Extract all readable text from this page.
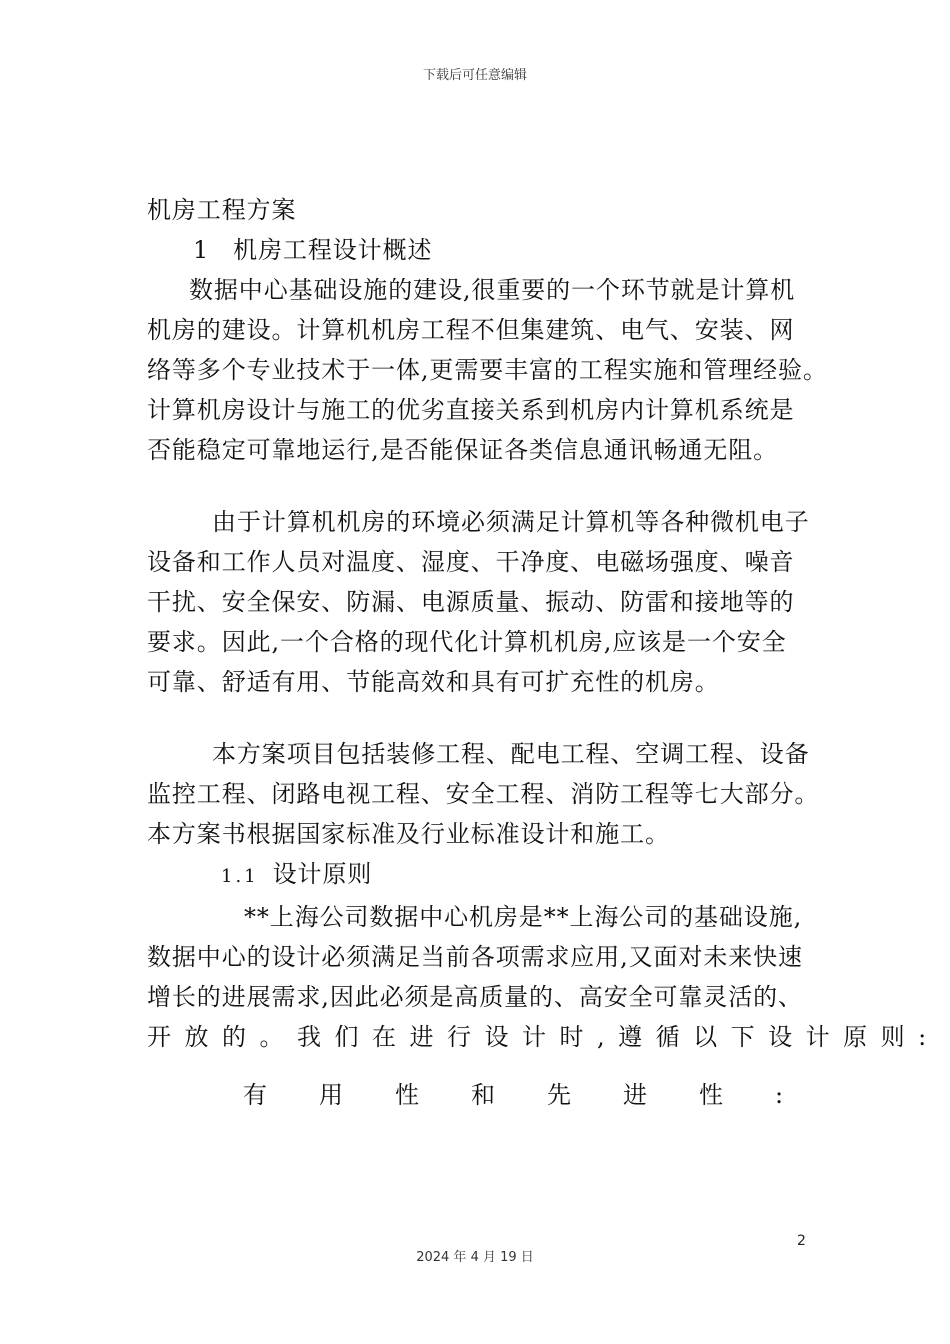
下载后可任意编辑
机房工程方案
1 机房工程设计概述
数据中心基础设施的建设,很重要的一个环节就是计算机
机房的建设。计算机机房工程不但集建筑、电气、安装、网
络等多个专业技术于一体,更需要丰富的工程实施和管理经验。
计算机房设计与施工的优劣直接关系到机房内计算机系统是
否能稳定可靠地运行,是否能保证各类信息通讯畅通无阻。
由于计算机机房的环境必须满足计算机等各种微机电子
设备和工作人员对温度、湿度、干净度、电磁场强度、噪音
干扰、安全保安、防漏、电源质量、振动、防雷和接地等的
要求。因此,一个合格的现代化计算机机房,应该是一个安全
可靠、舒适有用、节能高效和具有可扩充性的机房。
本方案项目包括装修工程、配电工程、空调工程、设备
监控工程、闭路电视工程、安全工程、消防工程等七大部分。
本方案书根据国家标准及行业标准设计和施工。
1.1 设计原则
**上海公司数据中心机房是**上海公司的基础设施,
数据中心的设计必须满足当前各项需求应用,又面对未来快速
增长的进展需求,因此必须是高质量的、高安全可靠灵活的、
开放的。我们在进行设计时,遵循以下设计原则:
有用性和先进性:
2
2024 年 4 月 19 日
